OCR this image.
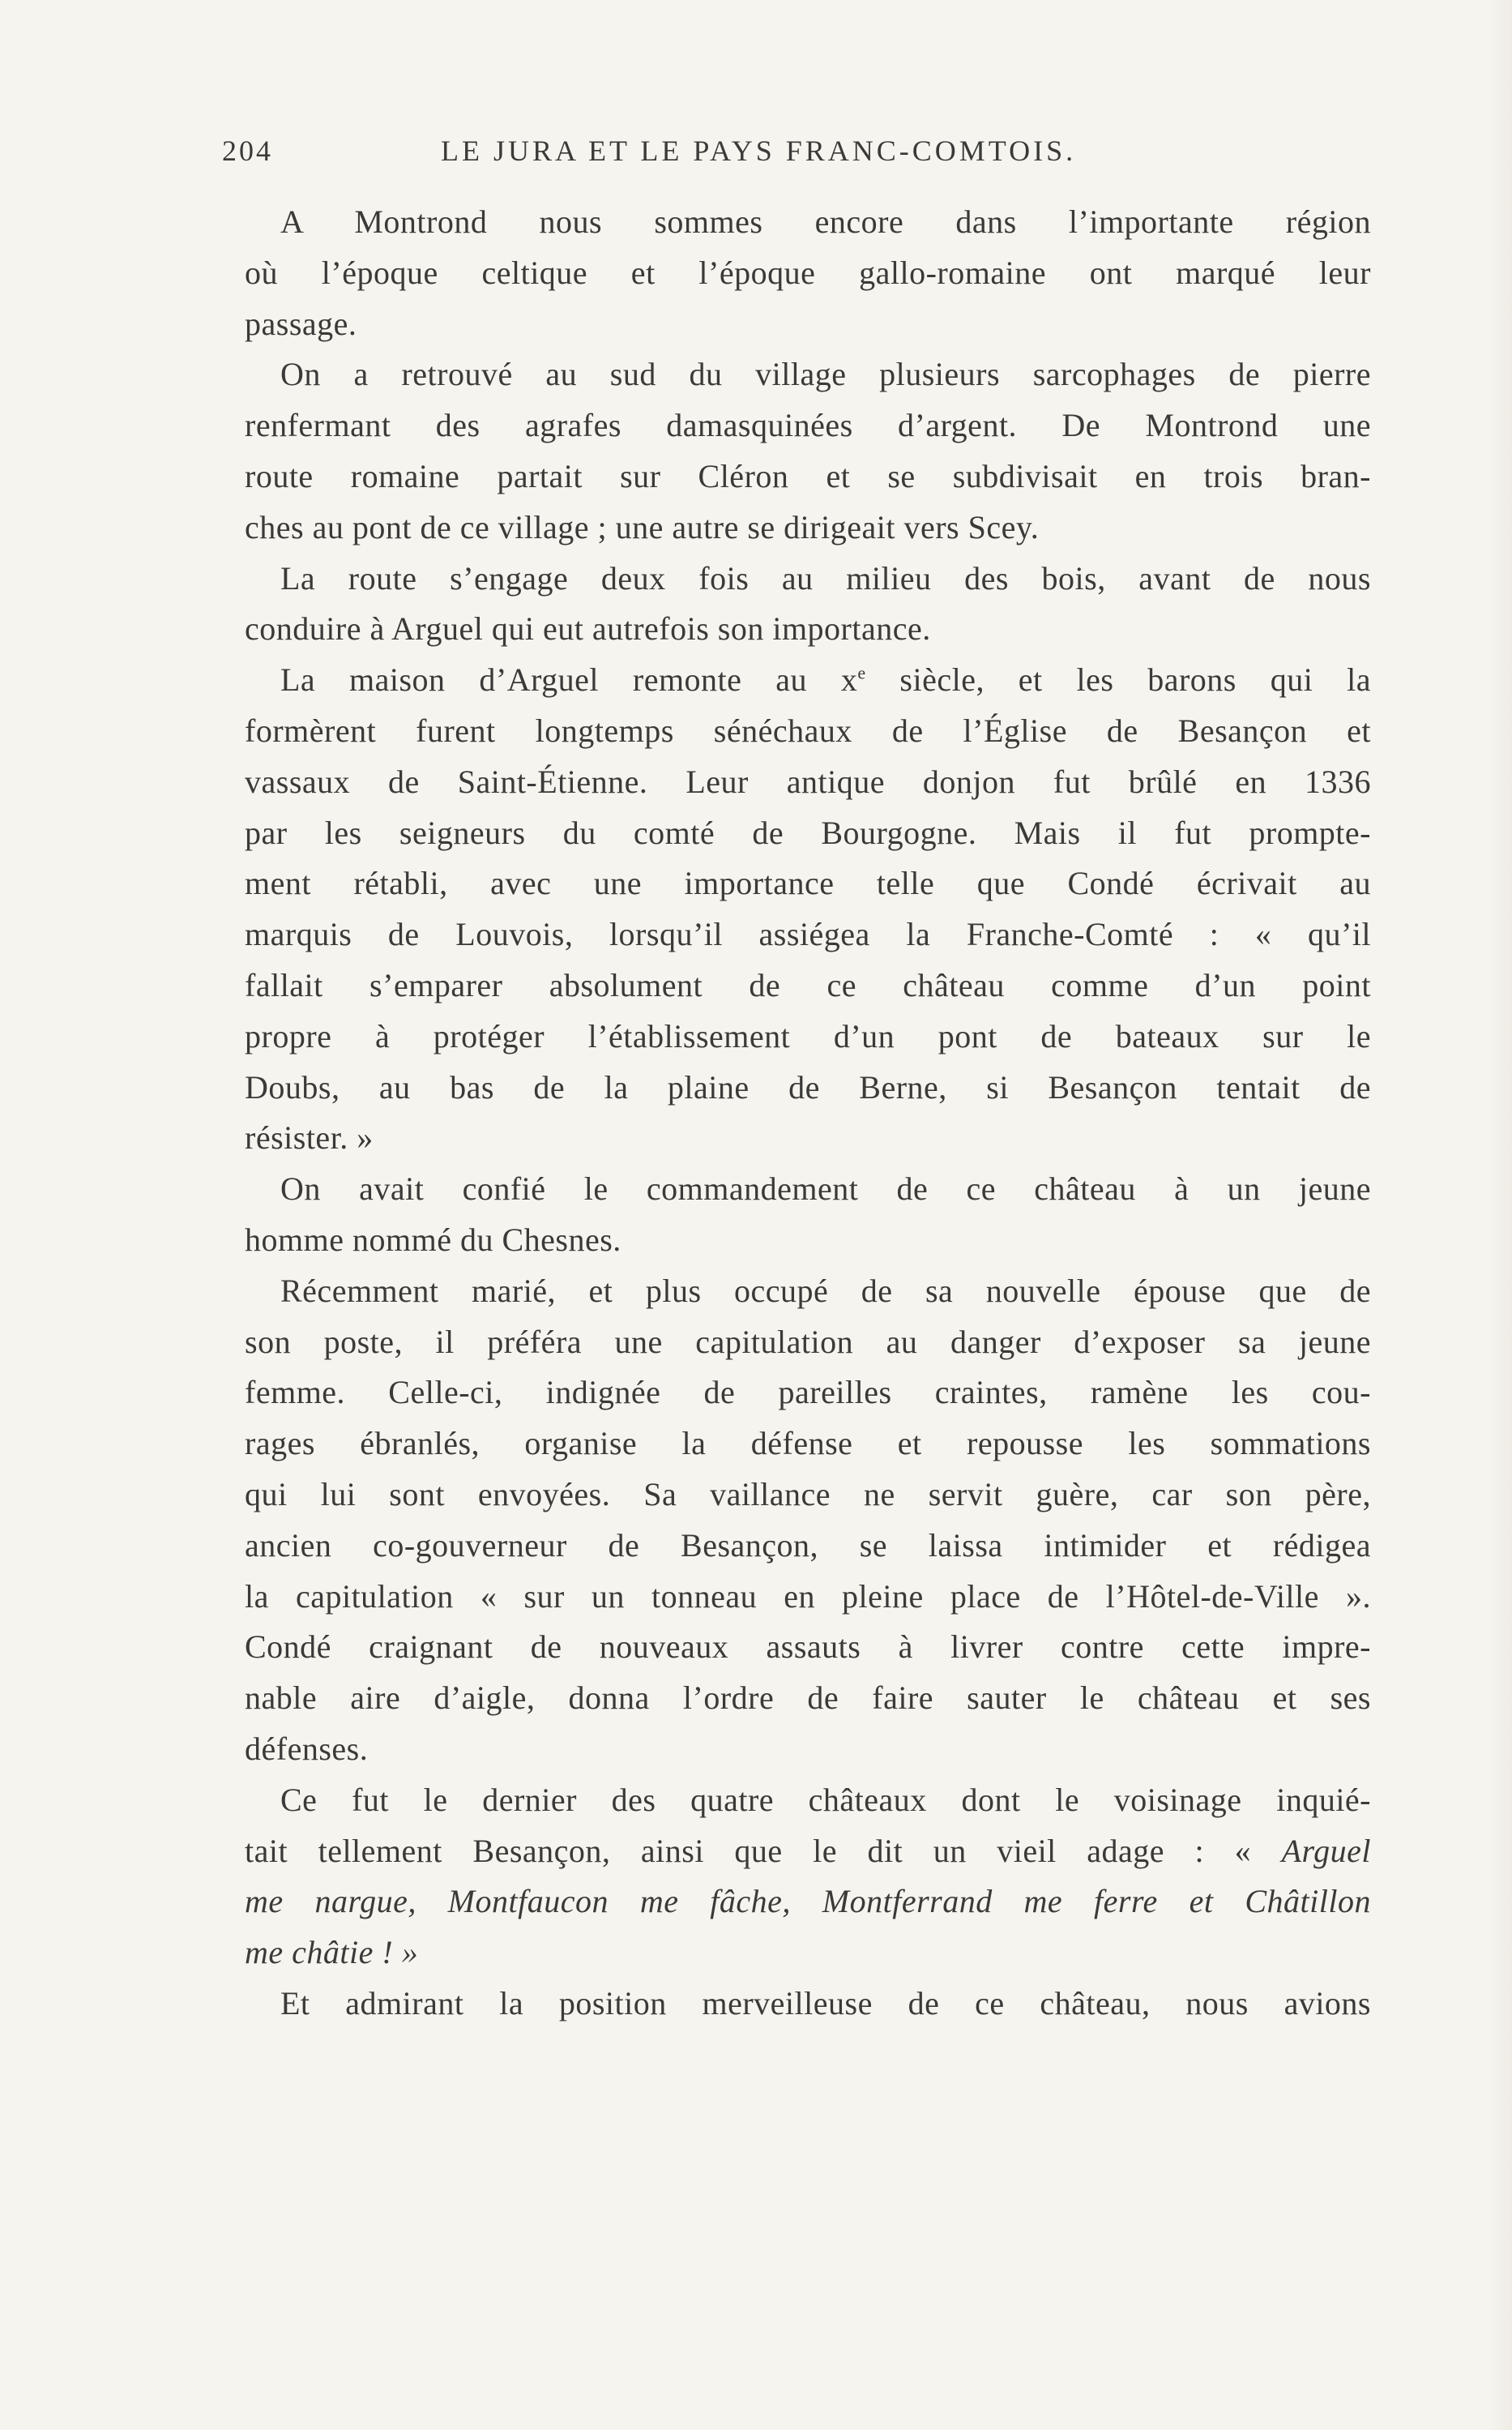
204	LE JURA ET LE PAYS FRANC-COMTOIS.
A Montrond nous sommes encore dans l’importante région
où l’époque celtique et l’époque gallo-romaine ont marqué leur
passage.
On a retrouvé au sud du village plusieurs sarcophages de pierre
renfermant des agrafes damasquinées d’argent. De Montrond une
route romaine partait sur Cléron et se subdivisait en trois bran-
ches au pont de ce village ; une autre se dirigeait vers Scey.
La route s’engage deux fois au milieu des bois, avant de nous
conduire à Arguel qui eut autrefois son importance.
La maison d’Arguel remonte au $x^e$ siècle, et les barons qui la
formèrent furent longtemps sénéchaux de l’Église de Besançon et
vassaux de Saint-Étienne. Leur antique donjon fut brûlé en 1336
par les seigneurs du comté de Bourgogne. Mais il fut prompte-
ment rétabli, avec une importance telle que Condé écrivait au
marquis de Louvois, lorsqu’il assiégea la Franche-Comté : « qu’il
fallait s’emparer absolument de ce château comme d’un point
propre à protéger l’établissement d’un pont de bateaux sur le
Doubs, au bas de la plaine de Berne, si Besançon tentait de
résister. »
On avait confié le commandement de ce château à un jeune
homme nommé du Chesnes.
Récemment marié, et plus occupé de sa nouvelle épouse que de
son poste, il préféra une capitulation au danger d’exposer sa jeune
femme. Celle-ci, indignée de pareilles craintes, ramène les cou-
rages ébranlés, organise la défense et repousse les sommations
qui lui sont envoyées. Sa vaillance ne servit guère, car son père,
ancien co-gouverneur de Besançon, se laissa intimider et rédigea
la capitulation « sur un tonneau en pleine place de l’Hôtel-de-Ville ».
Condé craignant de nouveaux assauts à livrer contre cette impre-
nable aire d’aigle, donna l’ordre de faire sauter le château et ses
défenses.
Ce fut le dernier des quatre châteaux dont le voisinage inquié-
tait tellement Besançon, ainsi que le dit un vieil adage : « Arguel
me nargue, Montfaucon me fâche, Montferrand me ferre et Châtillon
me châtie ! »
Et admirant la position merveilleuse de ce château, nous avions
